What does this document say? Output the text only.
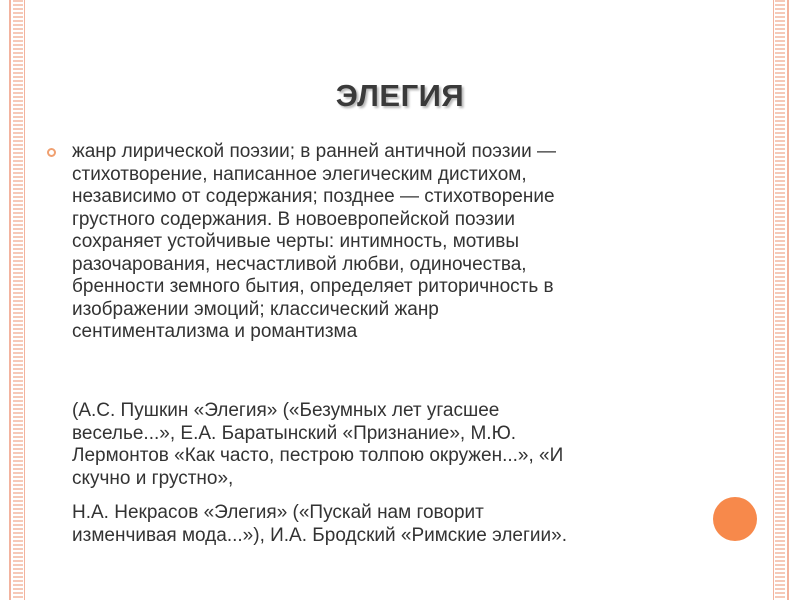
ЭЛЕГИЯ
жанр лирической поэзии; в ранней античной поэзии —
стихотворение, написанное элегическим дистихом,
независимо от содержания; позднее — стихотворение
грустного содержания. В новоевропейской поэзии
сохраняет устойчивые черты: интимность, мотивы
разочарования, несчастливой любви, одиночества,
бренности земного бытия, определяет риторичность в
изображении эмоций; классический жанр
сентиментализма и романтизма
(А.С. Пушкин «Элегия» («Безумных лет угасшее
веселье...», Е.А. Баратынский «Признание», М.Ю.
Лермонтов «Как часто, пестрою толпою окружен...», «И
скучно и грустно»,
Н.А. Некрасов «Элегия» («Пускай нам говорит
изменчивая мода...»), И.А. Бродский «Римские элегии».
